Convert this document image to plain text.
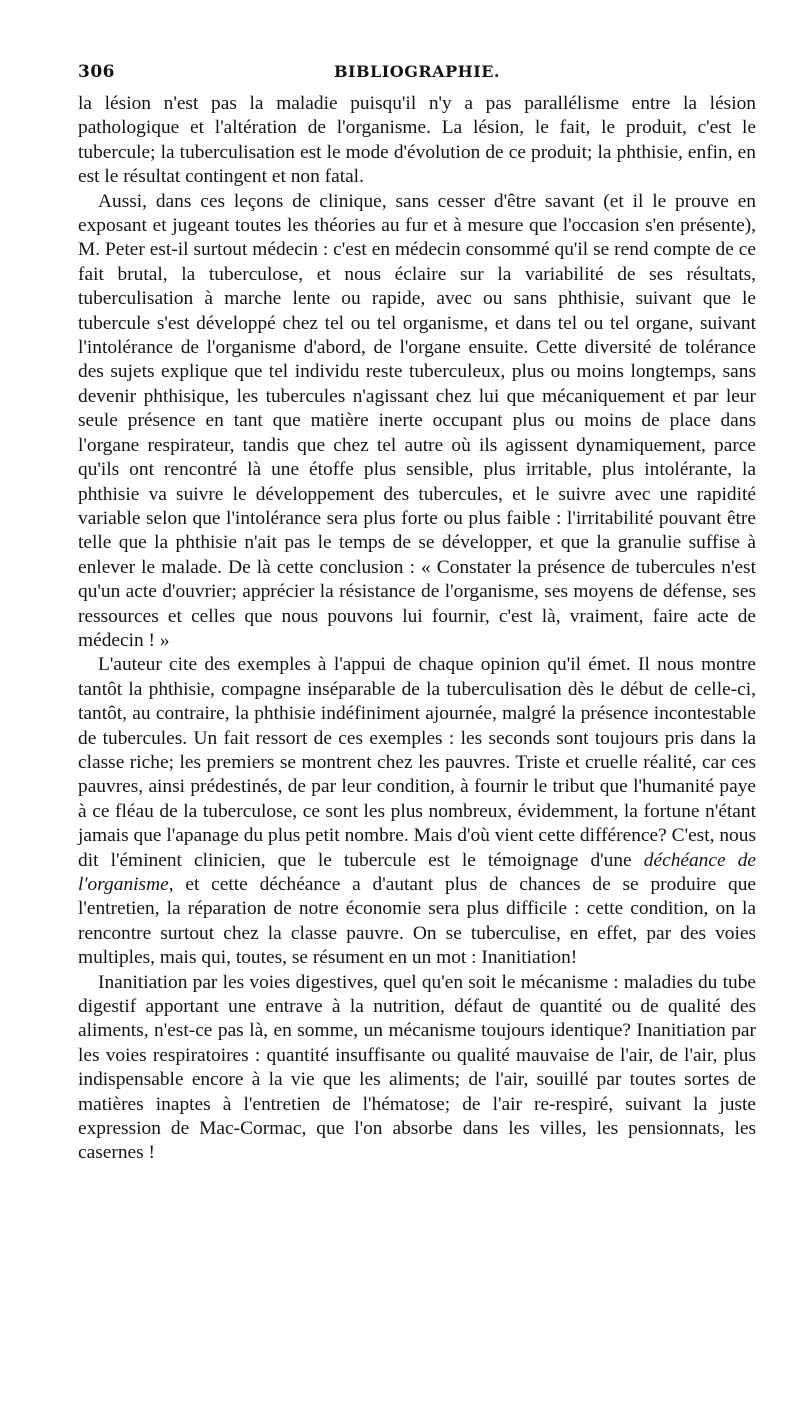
306	BIBLIOGRAPHIE.

la lésion n'est pas la maladie puisqu'il n'y a pas parallélisme entre la lésion pathologique et l'altération de l'organisme. La lésion, le fait, le produit, c'est le tubercule; la tuberculisation est le mode d'évolution de ce produit; la phthisie, enfin, en est le résultat contingent et non fatal.

Aussi, dans ces leçons de clinique, sans cesser d'être savant (et il le prouve en exposant et jugeant toutes les théories au fur et à mesure que l'occasion s'en présente), M. Peter est-il surtout médecin : c'est en médecin consommé qu'il se rend compte de ce fait brutal, la tuberculose, et nous éclaire sur la variabilité de ses résultats, tuberculisation à marche lente ou rapide, avec ou sans phthisie, suivant que le tubercule s'est développé chez tel ou tel organisme, et dans tel ou tel organe, suivant l'intolérance de l'organisme d'abord, de l'organe ensuite. Cette diversité de tolérance des sujets explique que tel individu reste tuberculeux, plus ou moins longtemps, sans devenir phthisique, les tubercules n'agissant chez lui que mécaniquement et par leur seule présence en tant que matière inerte occupant plus ou moins de place dans l'organe respirateur, tandis que chez tel autre où ils agissent dynamiquement, parce qu'ils ont rencontré là une étoffe plus sensible, plus irritable, plus intolérante, la phthisie va suivre le développement des tubercules, et le suivre avec une rapidité variable selon que l'intolérance sera plus forte ou plus faible : l'irritabilité pouvant être telle que la phthisie n'ait pas le temps de se développer, et que la granulie suffise à enlever le malade. De là cette conclusion : « Constater la présence de tubercules n'est qu'un acte d'ouvrier; apprécier la résistance de l'organisme, ses moyens de défense, ses ressources et celles que nous pouvons lui fournir, c'est là, vraiment, faire acte de médecin ! »

L'auteur cite des exemples à l'appui de chaque opinion qu'il émet. Il nous montre tantôt la phthisie, compagne inséparable de la tuberculisation dès le début de celle-ci, tantôt, au contraire, la phthisie indéfiniment ajournée, malgré la présence incontestable de tubercules. Un fait ressort de ces exemples : les seconds sont toujours pris dans la classe riche; les premiers se montrent chez les pauvres. Triste et cruelle réalité, car ces pauvres, ainsi prédestinés, de par leur condition, à fournir le tribut que l'humanité paye à ce fléau de la tuberculose, ce sont les plus nombreux, évidemment, la fortune n'étant jamais que l'apanage du plus petit nombre. Mais d'où vient cette différence? C'est, nous dit l'éminent clinicien, que le tubercule est le témoignage d'une déchéance de l'organisme, et cette déchéance a d'autant plus de chances de se produire que l'entretien, la réparation de notre économie sera plus difficile : cette condition, on la rencontre surtout chez la classe pauvre. On se tuberculise, en effet, par des voies multiples, mais qui, toutes, se résument en un mot : Inanitiation!

Inanitiation par les voies digestives, quel qu'en soit le mécanisme : maladies du tube digestif apportant une entrave à la nutrition, défaut de quantité ou de qualité des aliments, n'est-ce pas là, en somme, un mécanisme toujours identique? Inanitiation par les voies respiratoires : quantité insuffisante ou qualité mauvaise de l'air, de l'air, plus indispensable encore à la vie que les aliments; de l'air, souillé par toutes sortes de matières inaptes à l'entretien de l'hématose; de l'air re-respiré, suivant la juste expression de Mac-Cormac, que l'on absorbe dans les villes, les pensionnats, les casernes !
